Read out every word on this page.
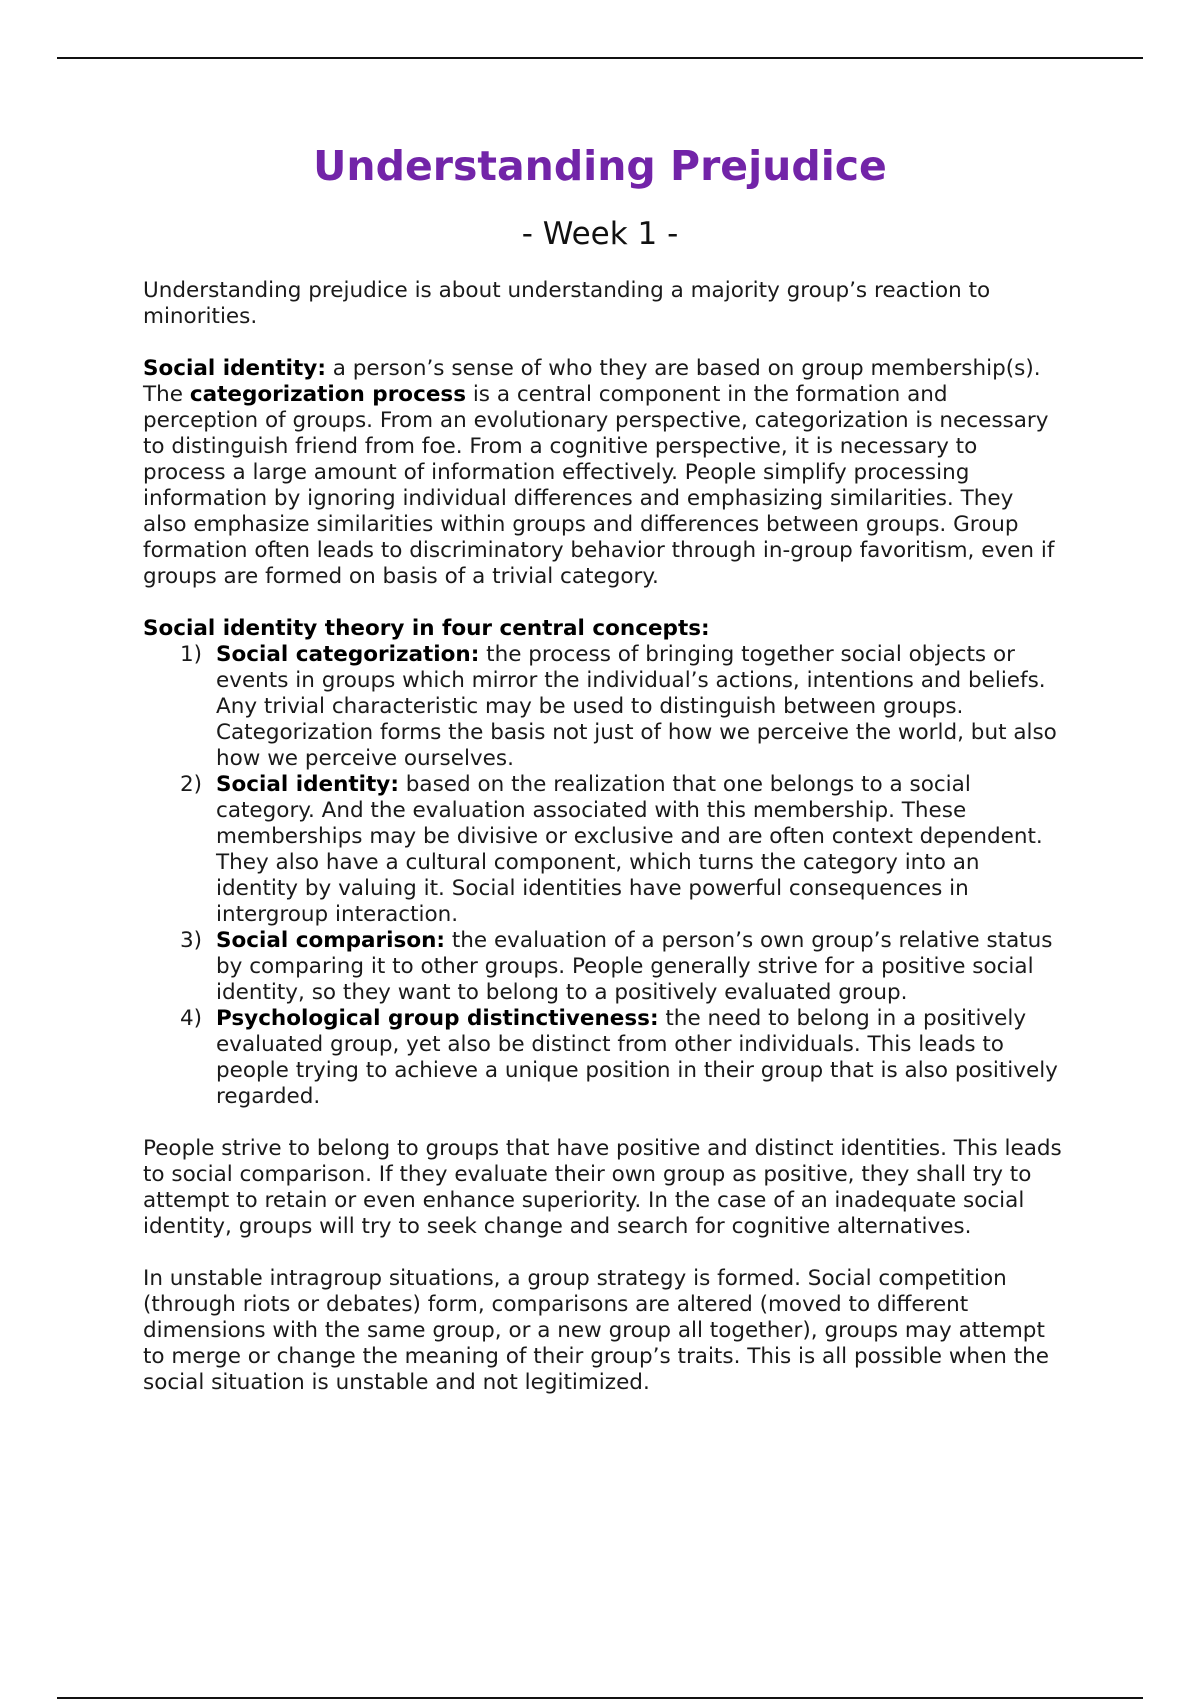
Understanding Prejudice
- Week 1 -

Understanding prejudice is about understanding a majority group’s reaction to minorities.

Social identity: a person’s sense of who they are based on group membership(s). The categorization process is a central component in the formation and perception of groups. From an evolutionary perspective, categorization is necessary to distinguish friend from foe. From a cognitive perspective, it is necessary to process a large amount of information effectively. People simplify processing information by ignoring individual differences and emphasizing similarities. They also emphasize similarities within groups and differences between groups. Group formation often leads to discriminatory behavior through in-group favoritism, even if groups are formed on basis of a trivial category.

Social identity theory in four central concepts:
1) Social categorization: the process of bringing together social objects or events in groups which mirror the individual’s actions, intentions and beliefs. Any trivial characteristic may be used to distinguish between groups. Categorization forms the basis not just of how we perceive the world, but also how we perceive ourselves.
2) Social identity: based on the realization that one belongs to a social category. And the evaluation associated with this membership. These memberships may be divisive or exclusive and are often context dependent. They also have a cultural component, which turns the category into an identity by valuing it. Social identities have powerful consequences in intergroup interaction.
3) Social comparison: the evaluation of a person’s own group’s relative status by comparing it to other groups. People generally strive for a positive social identity, so they want to belong to a positively evaluated group.
4) Psychological group distinctiveness: the need to belong in a positively evaluated group, yet also be distinct from other individuals. This leads to people trying to achieve a unique position in their group that is also positively regarded.

People strive to belong to groups that have positive and distinct identities. This leads to social comparison. If they evaluate their own group as positive, they shall try to attempt to retain or even enhance superiority. In the case of an inadequate social identity, groups will try to seek change and search for cognitive alternatives.

In unstable intragroup situations, a group strategy is formed. Social competition (through riots or debates) form, comparisons are altered (moved to different dimensions with the same group, or a new group all together), groups may attempt to merge or change the meaning of their group’s traits. This is all possible when the social situation is unstable and not legitimized.
